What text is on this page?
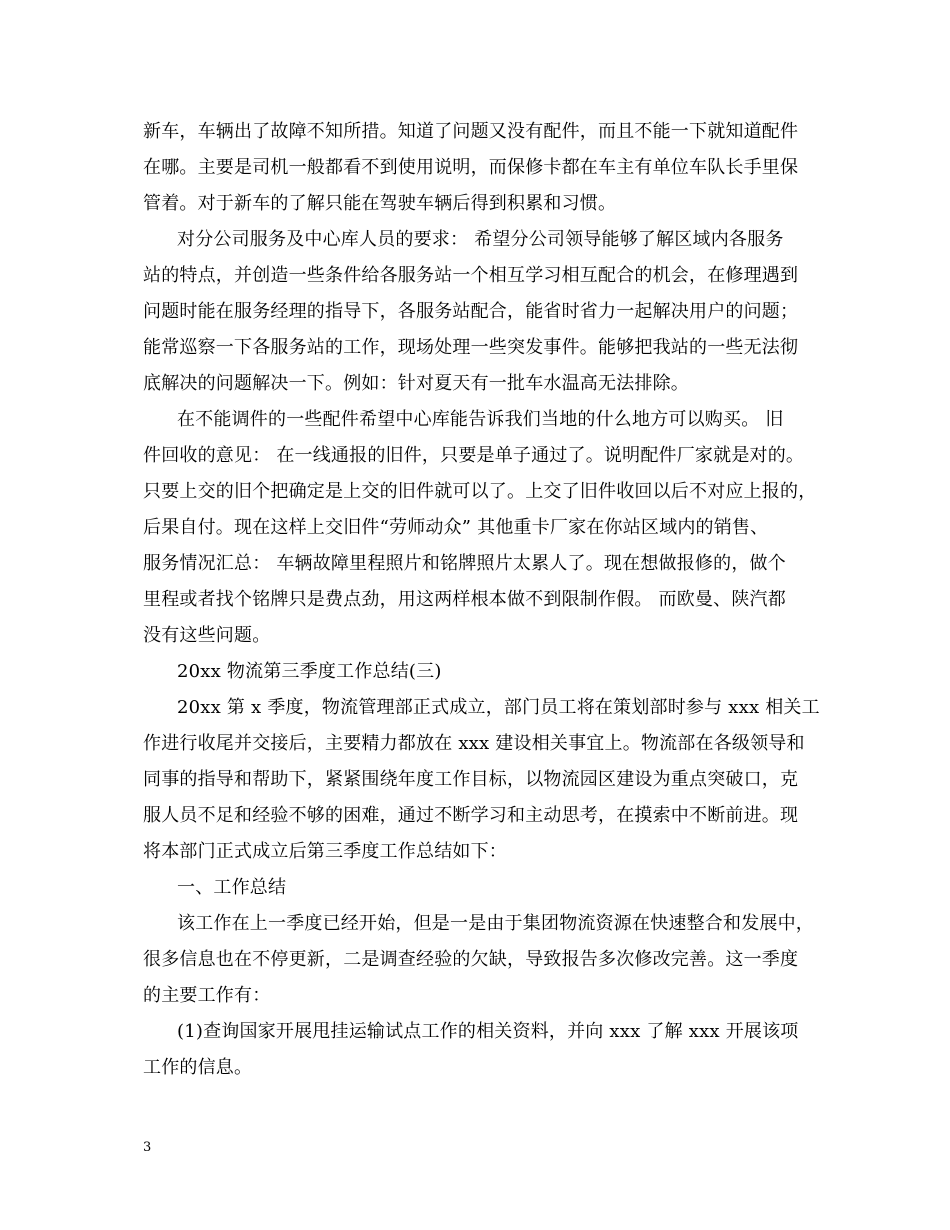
新车，车辆出了故障不知所措。知道了问题又没有配件，而且不能一下就知道配件
在哪。主要是司机一般都看不到使用说明，而保修卡都在车主有单位车队长手里保
管着。对于新车的了解只能在驾驶车辆后得到积累和习惯。
对分公司服务及中心库人员的要求： 希望分公司领导能够了解区域内各服务
站的特点，并创造一些条件给各服务站一个相互学习相互配合的机会，在修理遇到
问题时能在服务经理的指导下，各服务站配合，能省时省力一起解决用户的问题；
能常巡察一下各服务站的工作，现场处理一些突发事件。能够把我站的一些无法彻
底解决的问题解决一下。例如：针对夏天有一批车水温高无法排除。
在不能调件的一些配件希望中心库能告诉我们当地的什么地方可以购买。 旧
件回收的意见： 在一线通报的旧件，只要是单子通过了。说明配件厂家就是对的。
只要上交的旧个把确定是上交的旧件就可以了。上交了旧件收回以后不对应上报的，
后果自付。现在这样上交旧件“劳师动众” 其他重卡厂家在你站区域内的销售、
服务情况汇总： 车辆故障里程照片和铭牌照片太累人了。现在想做报修的，做个
里程或者找个铭牌只是费点劲，用这两样根本做不到限制作假。 而欧曼、陕汽都
没有这些问题。
20xx 物流第三季度工作总结(三)
20xx 第 x 季度，物流管理部正式成立，部门员工将在策划部时参与 xxx 相关工
作进行收尾并交接后，主要精力都放在 xxx 建设相关事宜上。物流部在各级领导和
同事的指导和帮助下，紧紧围绕年度工作目标，以物流园区建设为重点突破口，克
服人员不足和经验不够的困难，通过不断学习和主动思考，在摸索中不断前进。现
将本部门正式成立后第三季度工作总结如下：
一、工作总结
该工作在上一季度已经开始，但是一是由于集团物流资源在快速整合和发展中，
很多信息也在不停更新，二是调查经验的欠缺，导致报告多次修改完善。这一季度
的主要工作有：
(1)查询国家开展甩挂运输试点工作的相关资料，并向 xxx 了解 xxx 开展该项
工作的信息。
3
